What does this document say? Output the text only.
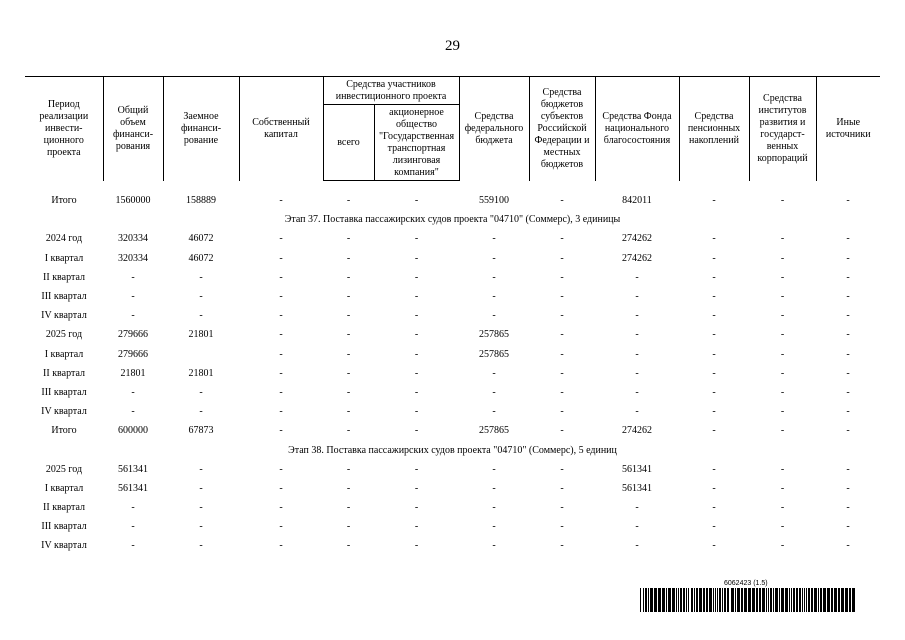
29
Период реализации инвести-ционного проекта	Общий объем финанси-рования	Заемное финанси-рование	Собственный капитал	Средства участников инвестиционного проекта		Средства федерального бюджета	Средства бюджетов субъектов Российской Федерации и местных бюджетов	Средства Фонда национального благосостояния	Средства пенсионных накоплений	Средства институтов развития и государст-венных корпораций	Иные источники
				всего	акционерное общество "Государственная транспортная лизинговая компания"						

Итого	1560000	158889	-	-	-	559100	-	842011	-	-	-
Этап 37. Поставка пассажирских судов проекта "04710" (Соммерс), 3 единицы											
2024 год	320334	46072	-	-	-	-	-	274262	-	-	-
I квартал	320334	46072	-	-	-	-	-	274262	-	-	-
II квартал	-	-	-	-	-	-	-	-	-	-	-
III квартал	-	-	-	-	-	-	-	-	-	-	-
IV квартал	-	-	-	-	-	-	-	-	-	-	-
2025 год	279666	21801	-	-	-	257865	-	-	-	-	-
I квартал	279666		-	-	-	257865	-	-	-	-	-
II квартал	21801	21801	-	-	-	-	-	-	-	-	-
III квартал	-	-	-	-	-	-	-	-	-	-	-
IV квартал	-	-	-	-	-	-	-	-	-	-	-
Итого	600000	67873	-	-	-	257865	-	274262	-	-	-
Этап 38. Поставка пассажирских судов проекта "04710" (Соммерс), 5 единиц											
2025 год	561341	-	-	-	-	-	-	561341	-	-	-
I квартал	561341	-	-	-	-	-	-	561341	-	-	-
II квартал	-	-	-	-	-	-	-	-	-	-	-
III квартал	-	-	-	-	-	-	-	-	-	-	-
IV квартал	-	-	-	-	-	-	-	-	-	-	-
6062423 (1.5)
